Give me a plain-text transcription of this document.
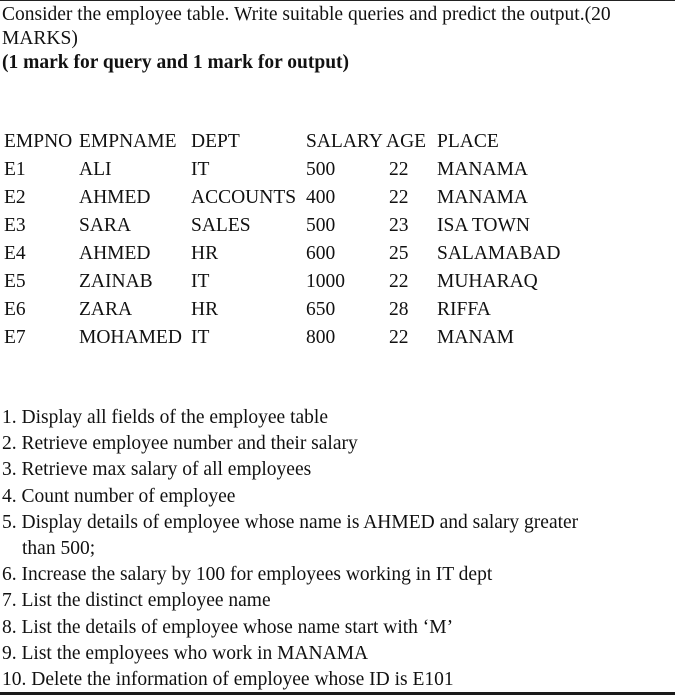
Consider the employee table. Write suitable queries and predict the output.(20
MARKS)
(1 mark for query and 1 mark for output)
EMPNO EMPNAME DEPT	SALARY AGE PLACE
E1	ALI	IT	500	22 MANAMA
E2	AHMED ACCOUNTS 400	22 MANAMA
E3	SARA	SALES	500	23 ISA TOWN
E4	AHMED HR	600	25 SALAMABAD
E5	ZAINAB IT	1000 22 MUHARAQ
E6	ZARA	HR	650	28 RIFFA
E7	MOHAMED IT	800	22 MANAM
1. Display all fields of the employee table
2. Retrieve employee number and their salary
3. Retrieve max salary of all employees
4. Count number of employee
5. Display details of employee whose name is AHMED and salary greater
than 500;
6. Increase the salary by 100 for employees working in IT dept
7. List the distinct employee name
8. List the details of employee whose name start with ‘M’
9. List the employees who work in MANAMA
10. Delete the information of employee whose ID is E101
